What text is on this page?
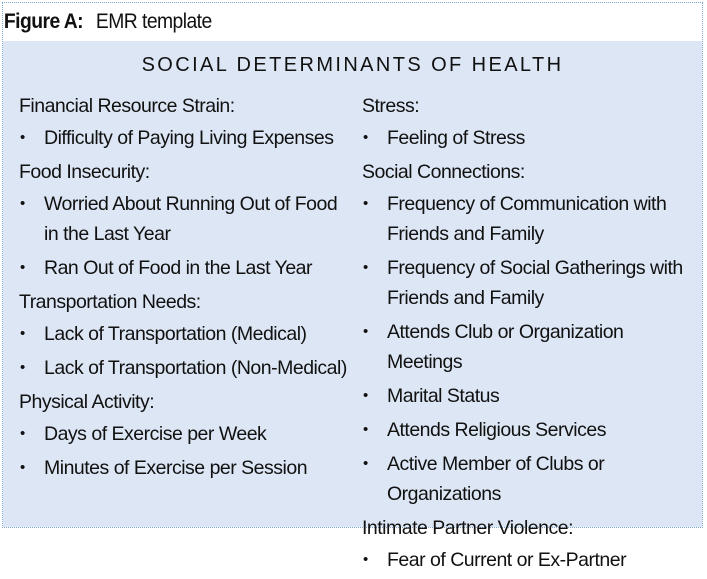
Figure A: EMR template
SOCIAL DETERMINANTS OF HEALTH
Financial Resource Strain:
• Difficulty of Paying Living Expenses
Food Insecurity:
• Worried About Running Out of Food in the Last Year
• Ran Out of Food in the Last Year
Transportation Needs:
• Lack of Transportation (Medical)
• Lack of Transportation (Non-Medical)
Physical Activity:
• Days of Exercise per Week
• Minutes of Exercise per Session
Stress:
• Feeling of Stress
Social Connections:
• Frequency of Communication with Friends and Family
• Frequency of Social Gatherings with Friends and Family
• Attends Club or Organization Meetings
• Marital Status
• Attends Religious Services
• Active Member of Clubs or Organizations
Intimate Partner Violence:
• Fear of Current or Ex-Partner
